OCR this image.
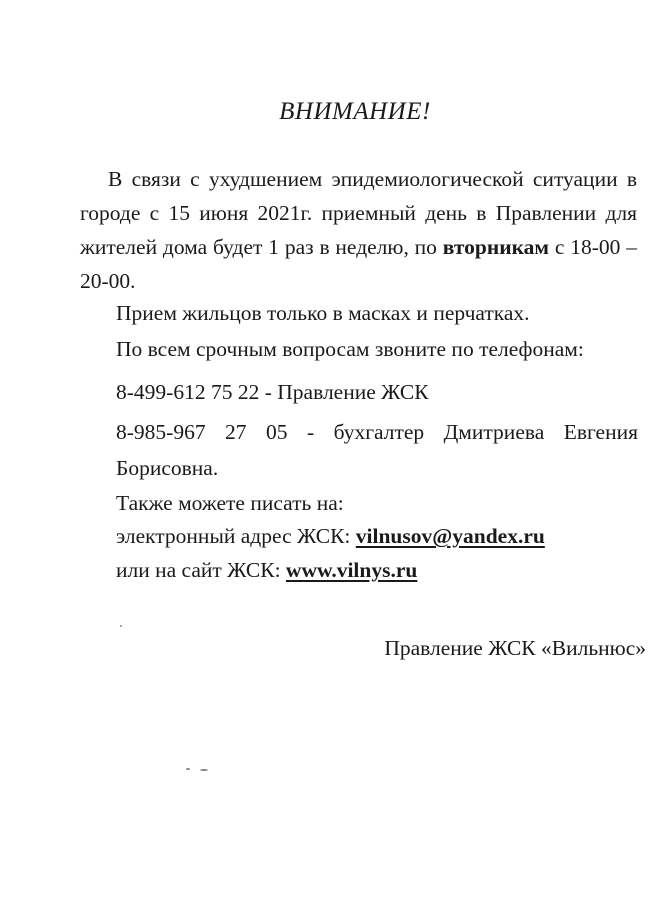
ВНИМАНИЕ!
В связи с ухудшением эпидемиологической ситуации в городе с 15 июня 2021г. приемный день в Правлении для жителей дома будет 1 раз в неделю, по вторникам с 18-00 – 20-00.
Прием жильцов только в масках и перчатках.
По всем срочным вопросам звоните по телефонам:
8-499-612 75 22 - Правление ЖСК
8-985-967 27 05 - бухгалтер Дмитриева Евгения
Борисовна.
Также можете писать на:
электронный адрес ЖСК: vilnusov@yandex.ru
или на сайт ЖСК: www.vilnys.ru
Правление ЖСК «Вильнюс»
